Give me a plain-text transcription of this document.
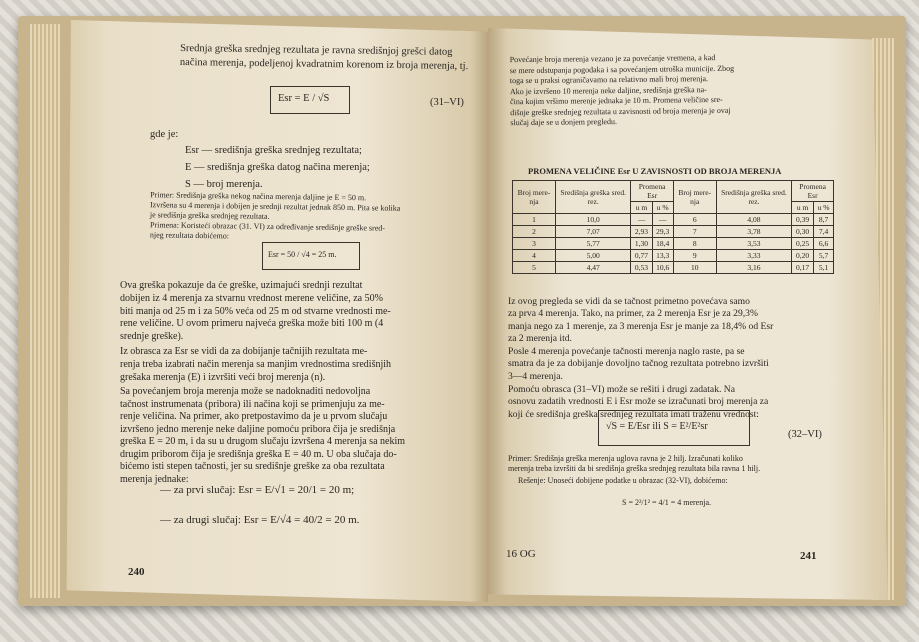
Srednja greška srednjeg rezultata je ravna središnjoj grešci datog
načina merenja, podeljenoj kvadratnim korenom iz broja merenja, tj.
Esr = E / √S	(31–VI)
gde je:
Esr — središnja greška srednjeg rezultata;
E — središnja greška datog načina merenja;
S — broj merenja.
Primer: Središnja greška nekog načina merenja daljine je E = 50 m.
Izvršena su 4 merenja i dobijen je srednji rezultat jednak 850 m. Pita se kolika
je središnja greška srednjeg rezultata.
Primena: Koristeći obrazac (31. VI) za određivanje središnje greške sred-
njeg rezultata dobićemo:
Esr = 50 / √4 = 25 m.
Ova greška pokazuje da će greške, uzimajući srednji rezultat
dobijen iz 4 merenja za stvarnu vrednost merene veličine, za 50%
biti manja od 25 m i za 50% veća od 25 m od stvarne vrednosti me-
rene veličine. U ovom primeru najveća greška može biti 100 m (4
srednje greške).
Iz obrasca za Esr se vidi da za dobijanje tačnijih rezultata me-
renja treba izabrati način merenja sa manjim vrednostima središnjih
grešaka merenja (E) i izvršiti veći broj merenja (n).
Sa povećanjem broja merenja može se nadoknaditi nedovoljna
tačnost instrumenata (pribora) ili načina koji se primenjuju za me-
renje veličina. Na primer, ako pretpostavimo da je u prvom slučaju
izvršeno jedno merenje neke daljine pomoću pribora čija je središnja
greška E = 20 m, i da su u drugom slučaju izvršena 4 merenja sa nekim
drugim priborom čija je središnja greška E = 40 m. U oba slučaja do-
bićemo isti stepen tačnosti, jer su središnje greške za oba rezultata
merenja jednake:
— za prvi slučaj: Esr = E/√1 = 20/1 = 20 m;
— za drugi slučaj: Esr = E/√4 = 40/2 = 20 m.
240
Povećanje broja merenja vezano je za povećanje vremena, a kad
se mere odstupanja pogodaka i sa povećanjem utroška municije. Zbog
toga se u praksi ograničavamo na relativno mali broj merenja.
Ako je izvršeno 10 merenja neke daljine, središnja greška na-
čina kojim vršimo merenje jednaka je 10 m. Promena veličine sre-
dišnje greške srednjeg rezultata u zavisnosti od broja merenja je ovaj
slučaj daje se u donjem pregledu.
PROMENA VELIČINE Esr U ZAVISNOSTI OD BROJA MERENJA
Broj mere-nja	Središnja greška sred. rez.	Promena Esr		Broj mere-nja	Središnja greška sred. rez.	Promena Esr	
		u m	u %			u m	u %
1	10,0	—	—	6	4,08	0,39	8,7
2	7,07	2,93	29,3	7	3,78	0,30	7,4
3	5,77	1,30	18,4	8	3,53	0,25	6,6
4	5,00	0,77	13,3	9	3,33	0,20	5,7
5	4,47	0,53	10,6	10	3,16	0,17	5,1
Iz ovog pregleda se vidi da se tačnost primetno povećava samo
za prva 4 merenja. Tako, na primer, za 2 merenja Esr je za 29,3%
manja nego za 1 merenje, za 3 merenja Esr je manje za 18,4% od Esr
za 2 merenja itd.
Posle 4 merenja povećanje tačnosti merenja naglo raste, pa se
smatra da je za dobijanje dovoljno tačnog rezultata potrebno izvršiti
3—4 merenja.
Pomoću obrasca (31–VI) može se rešiti i drugi zadatak. Na
osnovu zadatih vrednosti E i Esr može se izračunati broj merenja za
koji će središnja greška srednjeg rezultata imati traženu vrednost:
√S = E/Esr ili S = E²/E²sr
(32–VI)
Primer: Središnja greška merenja uglova ravna je 2 hilj. Izračunati koliko
merenja treba izvršiti da bi središnja greška srednjeg rezultata bila ravna 1 hilj.
Rešenje: Unoseći dobijene podatke u obrazac (32-VI), dobićemo:
S = 2²/1² = 4/1 = 4 merenja.
16 OG	241
